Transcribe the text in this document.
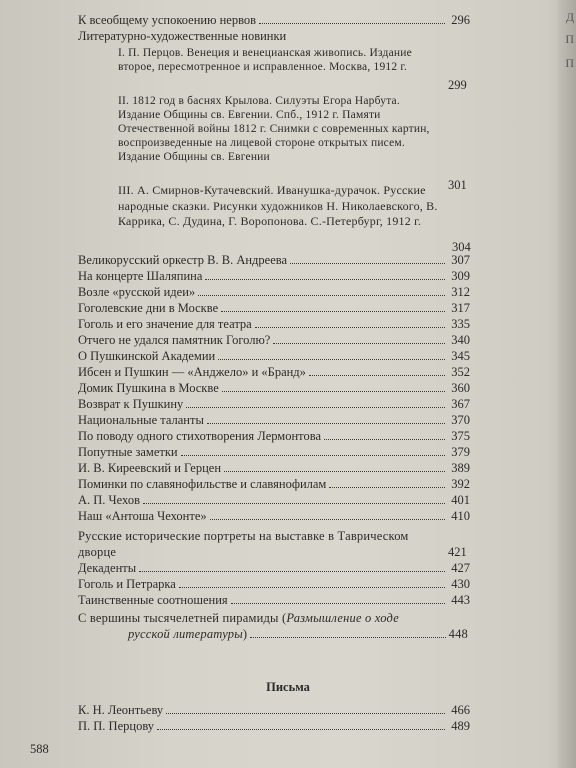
К всеобщему успокоению нервов	296
Литературно-художественные новинки
I. П. Перцов. Венеция и венецианская живопись. Издание второе, пересмотренное и исправленное. Москва, 1912 г.
299
II. 1812 год в баснях Крылова. Силуэты Егора Нарбута. Издание Общины св. Евгении. Спб., 1912 г. Памяти Отечественной войны 1812 г. Снимки с современных картин, воспроизведенные на лицевой стороне открытых писем. Издание Общины св. Евгении
301
III. А. Смирнов-Кутачевский. Иванушка-дурачок. Русские народные сказки. Рисунки художников Н. Николаевского, В. Каррика, С. Дудина, Г. Воропонова. С.-Петербург, 1912 г.
304
Великорусский оркестр В. В. Андреева	307
На концерте Шаляпина	309
Возле «русской идеи»	312
Гоголевские дни в Москве	317
Гоголь и его значение для театра	335
Отчего не удался памятник Гоголю?	340
О Пушкинской Академии	345
Ибсен и Пушкин — «Анджело» и «Бранд»	352
Домик Пушкина в Москве	360
Возврат к Пушкину	367
Национальные таланты	370
По поводу одного стихотворения Лермонтова	375
Попутные заметки	379
И. В. Киреевский и Герцен	389
Поминки по славянофильстве и славянофилам	392
А. П. Чехов	401
Наш «Антоша Чехонте»	410
Русские исторические портреты на выставке в Таврическом дворце	421
Декаденты	427
Гоголь и Петрарка	430
Таинственные соотношения	443
С вершины тысячелетней пирамиды (Размышление о ходе
русской литературы )	448
Письма
К. Н. Леонтьеву	466
П. П. Перцову	489
588
Д
П
П
